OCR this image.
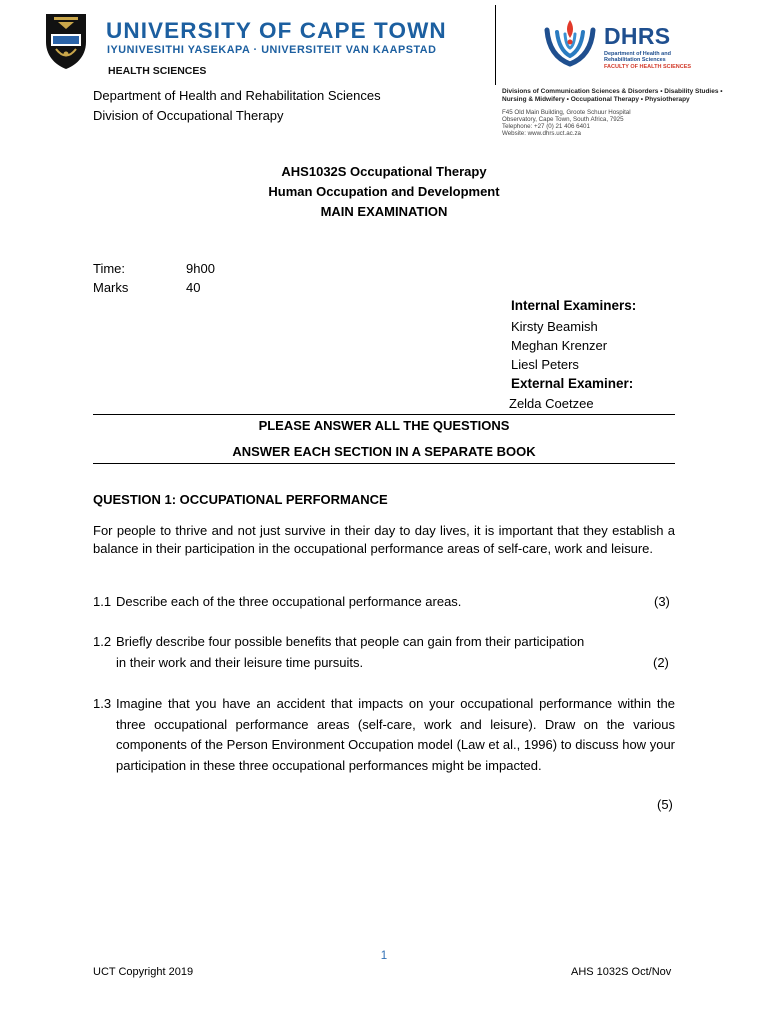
UNIVERSITY OF CAPE TOWN
IYUNIVESITHI YASEKAPA · UNIVERSITEIT VAN KAAPSTAD
HEALTH SCIENCES
DHRS
Department of Health and
Rehabilitation Sciences
FACULTY OF HEALTH SCIENCES
Divisions of Communication Sciences & Disorders • Disability Studies •
Nursing & Midwifery • Occupational Therapy • Physiotherapy
F45 Old Main Building, Groote Schuur Hospital
Observatory, Cape Town, South Africa, 7925
Telephone: +27 (0) 21 406 6401
Website: www.dhrs.uct.ac.za
Department of Health and Rehabilitation Sciences
Division of Occupational Therapy
AHS1032S Occupational Therapy
Human Occupation and Development
MAIN EXAMINATION
Time:	9h00
Marks	40
Internal Examiners:
Kirsty Beamish
Meghan Krenzer
Liesl Peters
External Examiner:
Zelda Coetzee
PLEASE ANSWER ALL THE QUESTIONS
ANSWER EACH SECTION IN A SEPARATE BOOK
QUESTION 1: OCCUPATIONAL PERFORMANCE
For people to thrive and not just survive in their day to day lives, it is important that they establish a balance in their participation in the occupational performance areas of self-care, work and leisure.
1.1 Describe each of the three occupational performance areas.	(3)
1.2 Briefly describe four possible benefits that people can gain from their participation
in their work and their leisure time pursuits.	(2)
1.3 Imagine that you have an accident that impacts on your occupational performance within the three occupational performance areas (self-care, work and leisure). Draw on the various components of the Person Environment Occupation model (Law et al., 1996) to discuss how your participation in these three occupational performances might be impacted.
(5)
1
UCT Copyright 2019	AHS 1032S Oct/Nov
